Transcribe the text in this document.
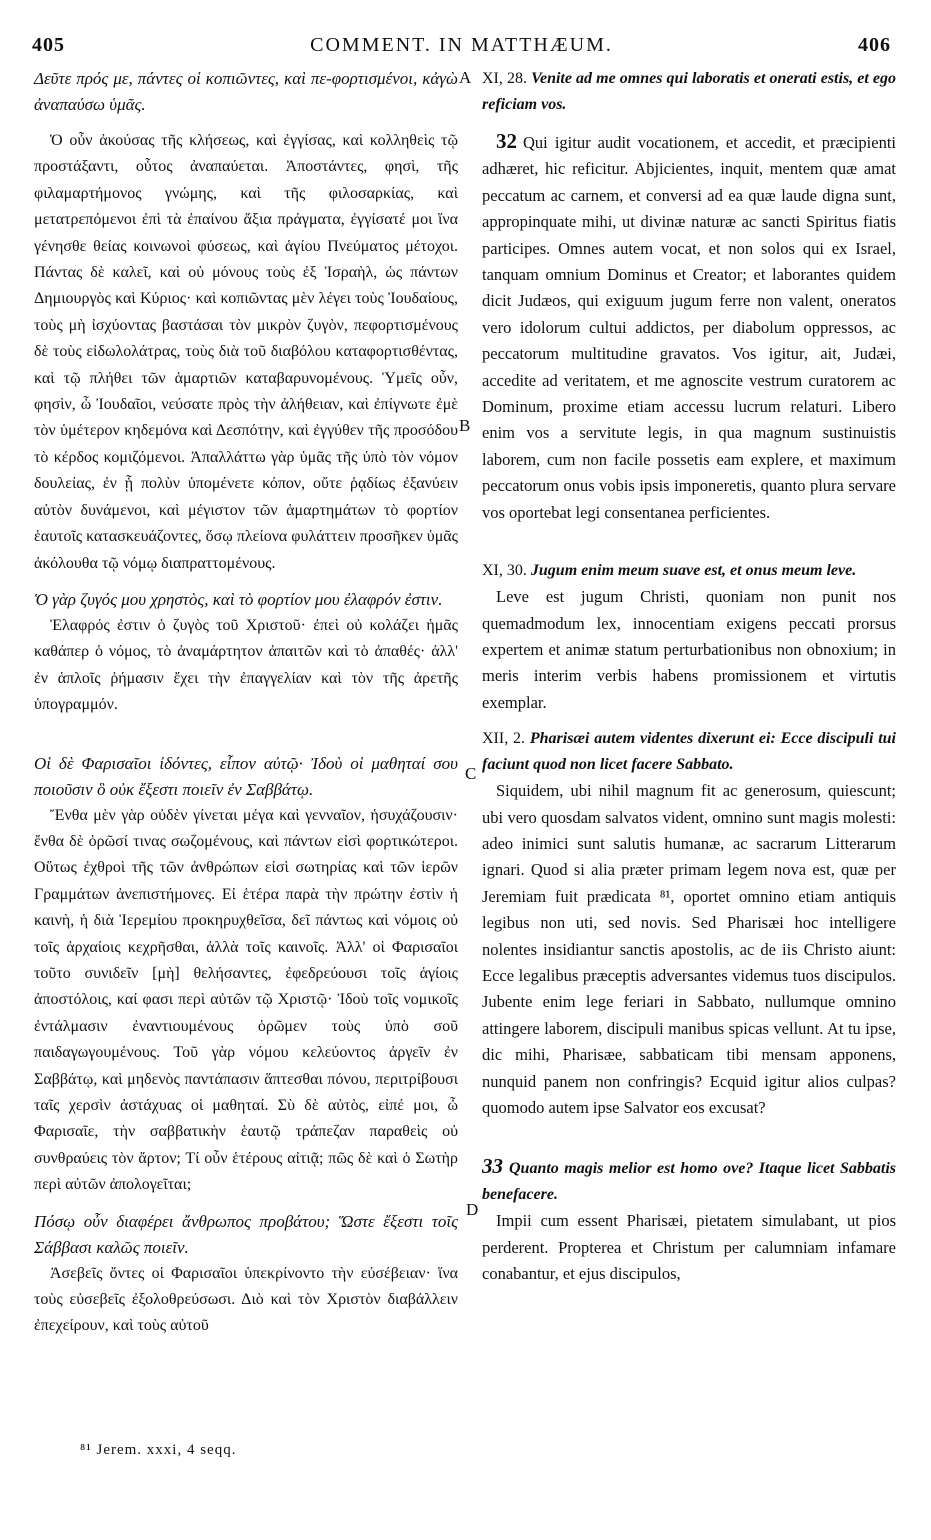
405	COMMENT. IN MATTHÆUM.	406
A
B
C
D

Δεῦτε πρός με, πάντες οἱ κοπιῶντες, καὶ πε-φορτισμένοι, κἀγὼ ἀναπαύσω ὑμᾶς.

Ὁ οὖν ἀκούσας τῆς κλήσεως, καὶ ἐγγίσας, καὶ κολληθεὶς τῷ προστάξαντι, οὗτος ἀναπαύεται. Ἀποστάντες, φησὶ, τῆς φιλαμαρτήμονος γνώμης, καὶ τῆς φιλοσαρκίας, καὶ μετατρεπόμενοι ἐπὶ τὰ ἐπαίνου ἄξια πράγματα, ἐγγίσατέ μοι ἵνα γένησθε θείας κοινωνοὶ φύσεως, καὶ ἁγίου Πνεύματος μέτοχοι. Πάντας δὲ καλεῖ, καὶ οὐ μόνους τοὺς ἐξ Ἰσραὴλ, ὡς πάντων Δημιουργὸς καὶ Κύριος· καὶ κοπιῶντας μὲν λέγει τοὺς Ἰουδαίους, τοὺς μὴ ἰσχύοντας βαστάσαι τὸν μικρὸν ζυγὸν, πεφορτισμένους δὲ τοὺς εἰδωλολάτρας, τοὺς διὰ τοῦ διαβόλου καταφορτισθέντας, καὶ τῷ πλήθει τῶν ἁμαρτιῶν καταβαρυνομένους. Ὑμεῖς οὖν, φησὶν, ὦ Ἰουδαῖοι, νεύσατε πρὸς τὴν ἀλήθειαν, καὶ ἐπίγνωτε ἐμὲ τὸν ὑμέτερον κηδεμόνα καὶ Δεσπότην, καὶ ἐγγύθεν τῆς προσόδου τὸ κέρδος κομιζόμενοι. Ἀπαλλάττω γὰρ ὑμᾶς τῆς ὑπὸ τὸν νόμον δουλείας, ἐν ᾗ πολὺν ὑπομένετε κόπον, οὔτε ῥᾳδίως ἐξανύειν αὐτὸν δυνάμενοι, καὶ μέγιστον τῶν ἁμαρτημάτων τὸ φορτίον ἑαυτοῖς κατασκευάζοντες, ὅσῳ πλείονα φυλάττειν προσῆκεν ὑμᾶς ἀκόλουθα τῷ νόμῳ διαπραττομένους.

Ὁ γὰρ ζυγός μου χρηστὸς, καὶ τὸ φορτίον μου ἐλαφρόν ἐστιν.

Ἐλαφρός ἐστιν ὁ ζυγὸς τοῦ Χριστοῦ· ἐπεὶ οὐ κολάζει ἡμᾶς καθάπερ ὁ νόμος, τὸ ἀναμάρτητον ἀπαιτῶν καὶ τὸ ἀπαθές· ἀλλ' ἐν ἁπλοῖς ῥήμασιν ἔχει τὴν ἐπαγγελίαν καὶ τὸν τῆς ἀρετῆς ὑπογραμμόν.

Οἱ δὲ Φαρισαῖοι ἰδόντες, εἶπον αὐτῷ· Ἰδοὺ οἱ μαθηταί σου ποιοῦσιν ὃ οὐκ ἔξεστι ποιεῖν ἐν Σαββάτῳ.

Ἔνθα μὲν γὰρ οὐδὲν γίνεται μέγα καὶ γενναῖον, ἡσυχάζουσιν· ἔνθα δὲ ὁρῶσί τινας σωζομένους, καὶ πάντων εἰσὶ φορτικώτεροι. Οὕτως ἐχθροὶ τῆς τῶν ἀνθρώπων εἰσὶ σωτηρίας καὶ τῶν ἱερῶν Γραμμάτων ἀνεπιστήμονες. Εἰ ἑτέρα παρὰ τὴν πρώτην ἐστὶν ἡ καινὴ, ἡ διὰ Ἱερεμίου προκηρυχθεῖσα, δεῖ πάντως καὶ νόμοις οὐ τοῖς ἀρχαίοις κεχρῆσθαι, ἀλλὰ τοῖς καινοῖς. Ἀλλ' οἱ Φαρισαῖοι τοῦτο συνιδεῖν [μὴ] θελήσαντες, ἐφεδρεύουσι τοῖς ἁγίοις ἀποστόλοις, καί φασι περὶ αὐτῶν τῷ Χριστῷ· Ἰδοὺ τοῖς νομικοῖς ἐντάλμασιν ἐναντιουμένους ὁρῶμεν τοὺς ὑπὸ σοῦ παιδαγωγουμένους. Τοῦ γὰρ νόμου κελεύοντος ἀργεῖν ἐν Σαββάτῳ, καὶ μηδενὸς παντάπασιν ἅπτεσθαι πόνου, περιτρίβουσι ταῖς χερσὶν ἀστάχυας οἱ μαθηταί. Σὺ δὲ αὐτὸς, εἰπέ μοι, ὦ Φαρισαῖε, τὴν σαββατικὴν ἑαυτῷ τράπεζαν παραθεὶς οὐ συνθραύεις τὸν ἄρτον; Τί οὖν ἑτέρους αἰτιᾷ; πῶς δὲ καὶ ὁ Σωτὴρ περὶ αὐτῶν ἀπολογεῖται;

Πόσῳ οὖν διαφέρει ἄνθρωπος προβάτου; Ὥστε ἔξεστι τοῖς Σάββασι καλῶς ποιεῖν.

Ἀσεβεῖς ὄντες οἱ Φαρισαῖοι ὑπεκρίνοντο τὴν εὐσέβειαν· ἵνα τοὺς εὐσεβεῖς ἐξολοθρεύσωσι. Διὸ καὶ τὸν Χριστὸν διαβάλλειν ἐπεχείρουν, καὶ τοὺς αὐτοῦ

XI, 28. Venite ad me omnes qui laboratis et onerati estis, et ego reficiam vos.

32 Qui igitur audit vocationem, et accedit, et præcipienti adhæret, hic reficitur. Abjicientes, inquit, mentem quæ amat peccatum ac carnem, et conversi ad ea quæ laude digna sunt, appropinquate mihi, ut divinæ naturæ ac sancti Spiritus fiatis participes. Omnes autem vocat, et non solos qui ex Israel, tanquam omnium Dominus et Creator; et laborantes quidem dicit Judæos, qui exiguum jugum ferre non valent, oneratos vero idolorum cultui addictos, per diabolum oppressos, ac peccatorum multitudine gravatos. Vos igitur, ait, Judæi, accedite ad veritatem, et me agnoscite vestrum curatorem ac Dominum, proxime etiam accessu lucrum relaturi. Libero enim vos a servitute legis, in qua magnum sustinuistis laborem, cum non facile possetis eam explere, et maximum peccatorum onus vobis ipsis imponeretis, quanto plura servare vos oportebat legi consentanea perficientes.

XI, 30. Jugum enim meum suave est, et onus meum leve.

Leve est jugum Christi, quoniam non punit nos quemadmodum lex, innocentiam exigens peccati prorsus expertem et animæ statum perturbationibus non obnoxium; in meris interim verbis habens promissionem et virtutis exemplar.

XII, 2. Pharisæi autem videntes dixerunt ei: Ecce discipuli tui faciunt quod non licet facere Sabbato.

Siquidem, ubi nihil magnum fit ac generosum, quiescunt; ubi vero quosdam salvatos vident, omnino sunt magis molesti: adeo inimici sunt salutis humanæ, ac sacrarum Litterarum ignari. Quod si alia præter primam legem nova est, quæ per Jeremiam fuit prædicata ⁸¹, oportet omnino etiam antiquis legibus non uti, sed novis. Sed Pharisæi hoc intelligere nolentes insidiantur sanctis apostolis, ac de iis Christo aiunt: Ecce legalibus præceptis adversantes videmus tuos discipulos. Jubente enim lege feriari in Sabbato, nullumque omnino attingere laborem, discipuli manibus spicas vellunt. At tu ipse, dic mihi, Pharisæe, sabbaticam tibi mensam apponens, nunquid panem non confringis? Ecquid igitur alios culpas? quomodo autem ipse Salvator eos excusat?

33 Quanto magis melior est homo ove? Itaque licet Sabbatis benefacere.

Impii cum essent Pharisæi, pietatem simulabant, ut pios perderent. Propterea et Christum per calumniam infamare conabantur, et ejus discipulos,

⁸¹ Jerem. xxxi, 4 seqq.
